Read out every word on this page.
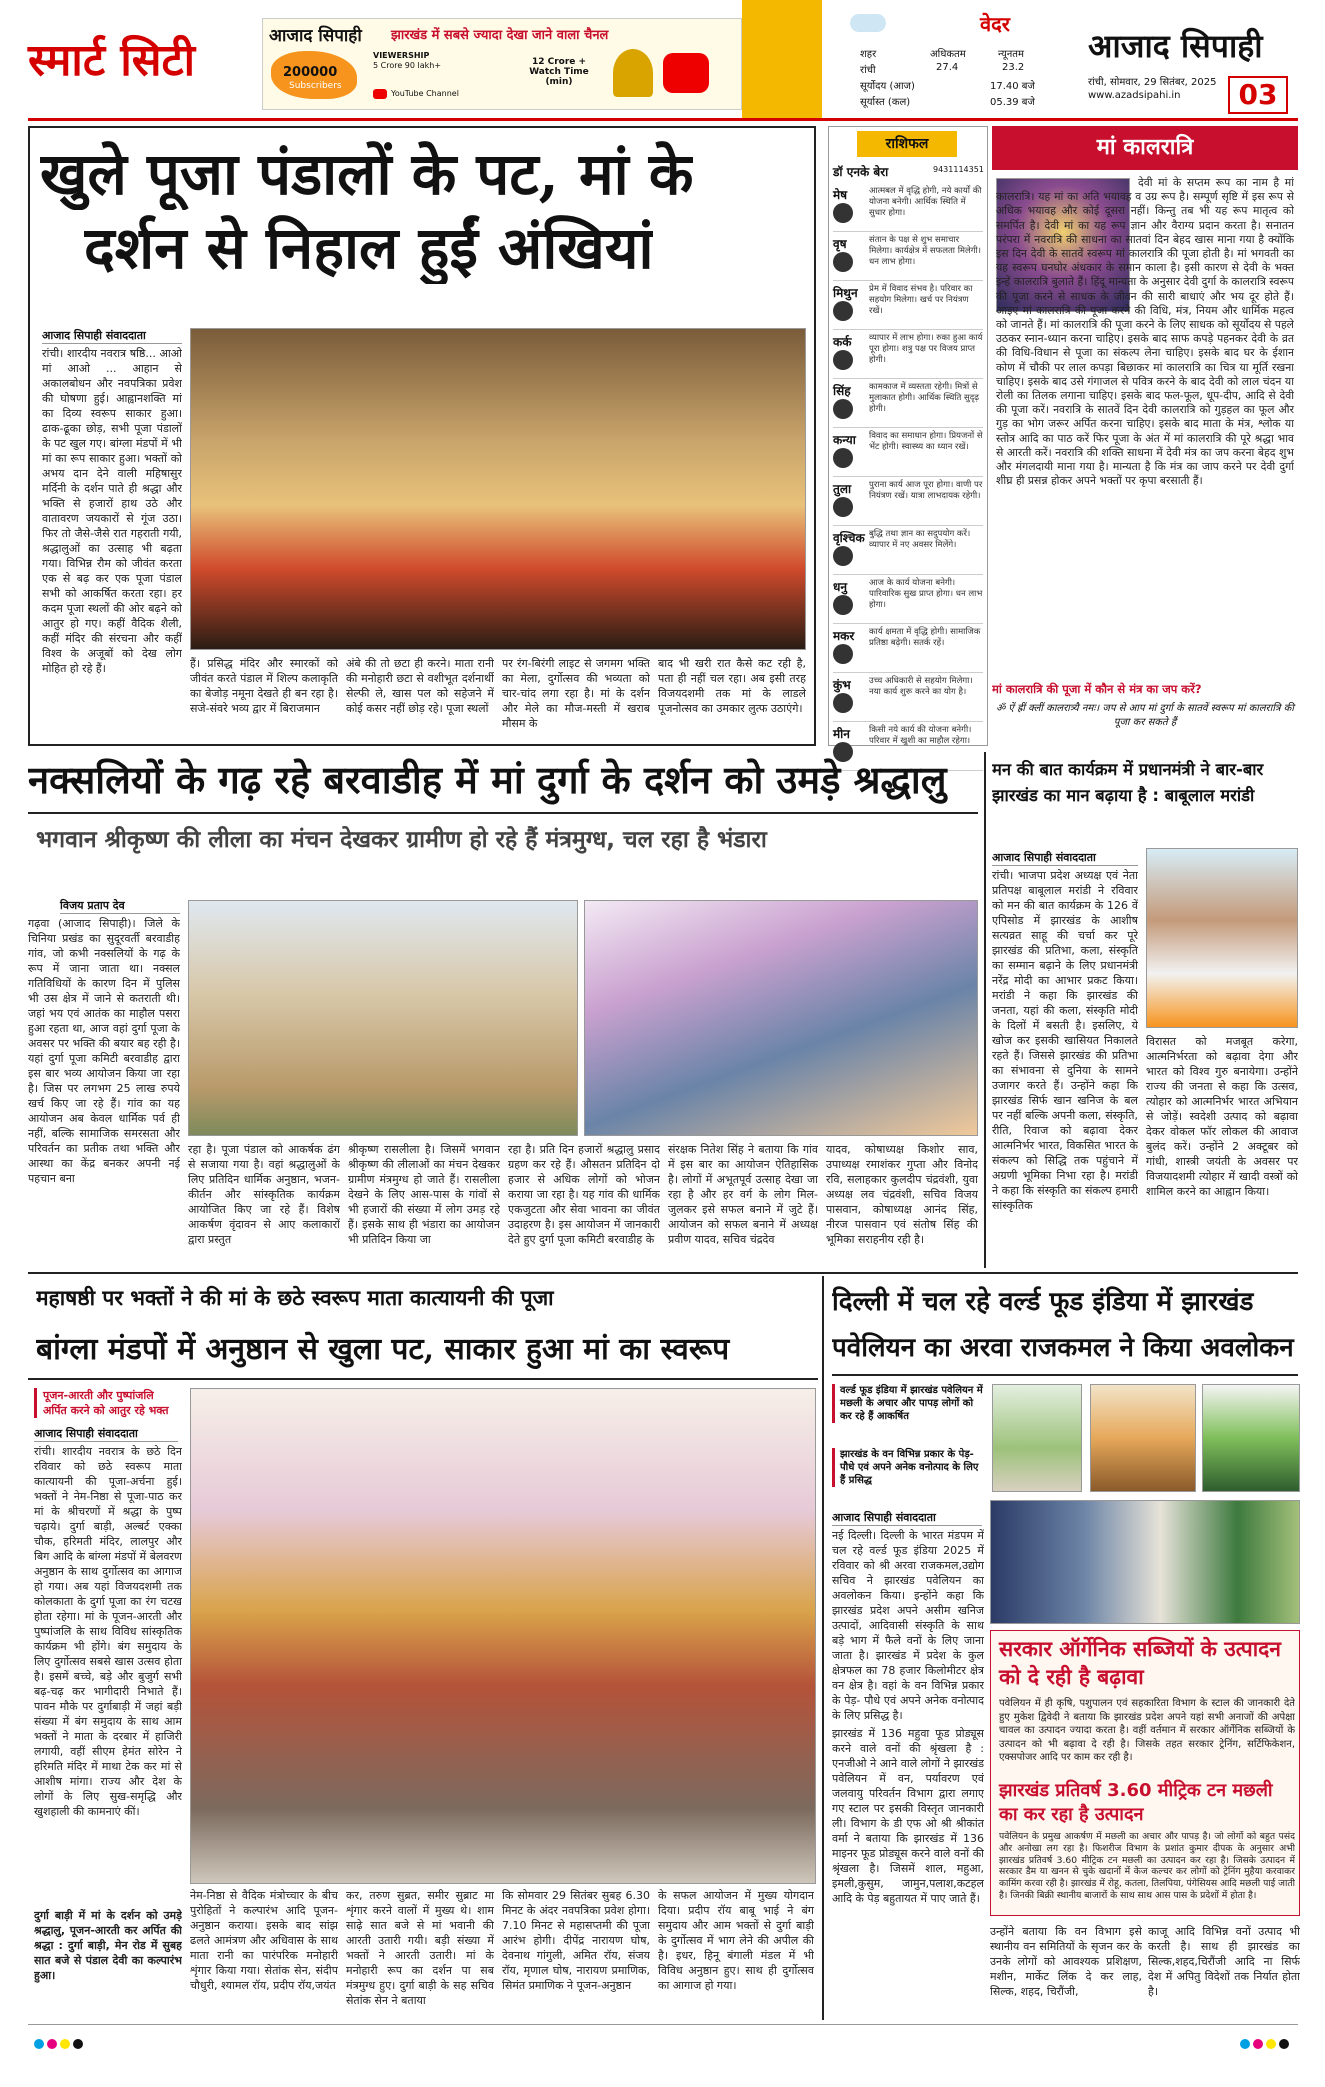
स्मार्ट सिटी	आजाद सिपाही झारखंड में सबसे ज्यादा देखा जाने वाला चैनल
200000
Subscribers
VIEWERSHIP
5 Crore 90 lakh+	12 Crore + Watch Time (min)
YouTube Channel
वेदर
शहर	अधिकतम	न्यूनतम
रांची	27.4	23.2
सूर्योदय (आज)	17.40 बजे
सूर्यास्त (कल)	05.39 बजे
आजाद सिपाही
रांची, सोमवार, 29 सितंबर, 2025
www.azadsipahi.in	03
खुले पूजा पंडालों के पट, मां के
दर्शन से निहाल हुईं अंखियां
आजाद सिपाही संवाददाता
रांची। शारदीय नवरात्र षष्ठि... आओ मां आओ ... आहान से अकालबोधन और नवपत्रिका प्रवेश की घोषणा हुई। आह्वानशक्ति मां का दिव्य स्वरूप साकार हुआ। ढाक-ढूका छोड़, सभी पूजा पंडालों के पट खुल गए। बांग्ला मंडपों में भी मां का रूप साकार हुआ। भक्तों को अभय दान देने वाली महिषासुर मर्दिनी के दर्शन पाते ही श्रद्धा और भक्ति से हजारों हाथ उठे और वातावरण जयकारों से गूंज उठा। फिर तो जैसे-जैसे रात गहराती गयी, श्रद्धालुओं का उत्साह भी बढ़ता गया। विभिन्न रौम को जीवंत करता एक से बढ़ कर एक पूजा पंडाल सभी को आकर्षित करता रहा। हर कदम पूजा स्थलों की ओर बढ़ने को आतुर हो गए। कहीं वैदिक शैली, कहीं मंदिर की संरचना और कहीं विश्व के अजूबों को देख लोग मोहित हो रहे हैं।	हैं। प्रसिद्ध मंदिर और स्मारकों को जीवंत करते पंडाल में शिल्प कलाकृति का बेजोड़ नमूना देखते ही बन रहा है। सजे-संवरे भव्य द्वार में बिराजमान
अंबे की तो छटा ही करने। माता रानी की मनोहारी छटा से वशीभूत दर्शनार्थी सेल्फी ले, खास पल को सहेजने में कोई कसर नहीं छोड़ रहे। पूजा स्थलों
पर रंग-बिरंगी लाइट से जगमग भक्ति का मेला, दुर्गोत्सव की भव्यता को चार-चांद लगा रहा है। मां के दर्शन और मेले का मौज-मस्ती में खराब मौसम के
बाद भी खरी रात कैसे कट रही है, पता ही नहीं चल रहा। अब इसी तरह विजयदशमी तक मां के लाडले पूजनोत्सव का उमकार लुत्फ उठाएंगे।
राशिफल
डॉ एनके बेरा	9431114351
मेष	आत्मबल में वृद्धि होगी, नये कार्यों की योजना बनेगी। आर्थिक स्थिति में सुधार होगा।
वृष	संतान के पक्ष से शुभ समाचार मिलेगा। कार्यक्षेत्र में सफलता मिलेगी। धन लाभ होगा।
मिथुन	प्रेम में विवाद संभव है। परिवार का सहयोग मिलेगा। खर्च पर नियंत्रण रखें।
कर्क	व्यापार में लाभ होगा। रुका हुआ कार्य पूरा होगा। शत्रु पक्ष पर विजय प्राप्त होगी।
सिंह	कामकाज में व्यस्तता रहेगी। मित्रों से मुलाकात होगी। आर्थिक स्थिति सुदृढ़ होगी।
कन्या	विवाद का समाधान होगा। प्रियजनों से भेंट होगी। स्वास्थ्य का ध्यान रखें।
तुला	पुराना कार्य आज पूरा होगा। वाणी पर नियंत्रण रखें। यात्रा लाभदायक रहेगी।
वृश्चिक बुद्धि तथा ज्ञान का सदुपयोग करें। व्यापार में नए अवसर मिलेंगे।
धनु	आज के कार्य योजना बनेगी। पारिवारिक सुख प्राप्त होगा। धन लाभ होगा।
मकर	कार्य क्षमता में वृद्धि होगी। सामाजिक प्रतिष्ठा बढ़ेगी। सतर्क रहें।
कुंभ	उच्च अधिकारी से सहयोग मिलेगा। नया कार्य शुरू करने का योग है।
मीन	किसी नये कार्य की योजना बनेगी। परिवार में खुशी का माहौल रहेगा।
मां कालरात्रि
देवी मां के सप्तम रूप का नाम है मां कालरात्रि। यह मां का अति भयावह व उग्र रूप है। सम्पूर्ण सृष्टि में इस रूप से अधिक भयावह और कोई दूसरा नहीं। किन्तु तब भी यह रूप मातृत्व को समर्पित है। देवी मां का यह रूप ज्ञान और वैराग्य प्रदान करता है। सनातन परंपरा में नवरात्रि की साधना का सातवां दिन बेहद खास माना गया है क्योंकि इस दिन देवी के सातवें स्वरूप मां कालरात्रि की पूजा होती है। मां भगवती का यह स्वरूप घनघोर अंधकार के समान काला है। इसी कारण से देवी के भक्त इन्हें कालरात्रि बुलाते हैं। हिंदू मान्यता के अनुसार देवी दुर्गा के कालरात्रि स्वरूप की पूजा करने से साधक के जीवन की सारी बाधाएं और भय दूर होते हैं। आइए मां कालरात्रि की पूजा करने की विधि, मंत्र, नियम और धार्मिक महत्व को जानते हैं। मां कालरात्रि की पूजा करने के लिए साधक को सूर्योदय से पहले उठकर स्नान-ध्यान करना चाहिए। इसके बाद साफ कपड़े पहनकर देवी के व्रत की विधि-विधान से पूजा का संकल्प लेना चाहिए। इसके बाद घर के ईशान कोण में चौकी पर लाल कपड़ा बिछाकर मां कालरात्रि का चित्र या मूर्ति रखना चाहिए। इसके बाद उसे गंगाजल से पवित्र करने के बाद देवी को लाल चंदन या रोली का तिलक लगाना चाहिए। इसके बाद फल-फूल, धूप-दीप, आदि से देवी की पूजा करें। नवरात्रि के सातवें दिन देवी कालरात्रि को गुड़हल का फूल और गुड़ का भोग जरूर अर्पित करना चाहिए। इसके बाद माता के मंत्र, श्लोक या स्तोत्र आदि का पाठ करें फिर पूजा के अंत में मां कालरात्रि की पूरे श्रद्धा भाव से आरती करें। नवरात्रि की शक्ति साधना में देवी मंत्र का जप करना बेहद शुभ और मंगलदायी माना गया है। मान्यता है कि मंत्र का जाप करने पर देवी दुर्गा शीघ्र ही प्रसन्न होकर अपने भक्तों पर कृपा बरसाती हैं।
मां कालरात्रि की पूजा में कौन से मंत्र का जप करें?
ॐ ऐं ह्रीं क्लीं कालरात्र्यै नमः। जप से आप मां दुर्गा के सातवें स्वरूप मां कालरात्रि की पूजा कर सकते हैं
नक्सलियों के गढ़ रहे बरवाडीह में मां दुर्गा के दर्शन को उमड़े श्रद्धालु
भगवान श्रीकृष्ण की लीला का मंचन देखकर ग्रामीण हो रहे हैं मंत्रमुग्ध, चल रहा है भंडारा
विजय प्रताप देव
गढ़वा (आजाद सिपाही)। जिले के चिनिया प्रखंड का सुदूरवर्ती बरवाडीह गांव, जो कभी नक्सलियों के गढ़ के रूप में जाना जाता था। नक्सल गतिविधियों के कारण दिन में पुलिस भी उस क्षेत्र में जाने से कतराती थी। जहां भय एवं आतंक का माहौल पसरा हुआ रहता था, आज वहां दुर्गा पूजा के अवसर पर भक्ति की बयार बह रही है। यहां दुर्गा पूजा कमिटी बरवाडीह द्वारा इस बार भव्य आयोजन किया जा रहा है। जिस पर लगभग 25 लाख रुपये खर्च किए जा रहे हैं। गांव का यह आयोजन अब केवल धार्मिक पर्व ही नहीं, बल्कि सामाजिक समरसता और परिवर्तन का प्रतीक तथा भक्ति और आस्था का केंद्र बनकर अपनी नई पहचान बना
रहा है। पूजा पंडाल को आकर्षक ढंग से सजाया गया है। वहां श्रद्धालुओं के लिए प्रतिदिन धार्मिक अनुष्ठान, भजन-कीर्तन और सांस्कृतिक कार्यक्रम आयोजित किए जा रहे हैं। विशेष आकर्षण वृंदावन से आए कलाकारों द्वारा प्रस्तुत
श्रीकृष्ण रासलीला है। जिसमें भगवान श्रीकृष्ण की लीलाओं का मंचन देखकर ग्रामीण मंत्रमुग्ध हो जाते हैं। रासलीला देखने के लिए आस-पास के गांवों से भी हजारों की संख्या में लोग उमड़ रहे हैं। इसके साथ ही भंडारा का आयोजन भी प्रतिदिन किया जा
रहा है। प्रति दिन हजारों श्रद्धालु प्रसाद ग्रहण कर रहे हैं। औसतन प्रतिदिन दो हजार से अधिक लोगों को भोजन कराया जा रहा है। यह गांव की धार्मिक एकजुटता और सेवा भावना का जीवंत उदाहरण है। इस आयोजन में जानकारी देते हुए दुर्गा पूजा कमिटी बरवाडीह के
संरक्षक नितेश सिंह ने बताया कि गांव में इस बार का आयोजन ऐतिहासिक है। लोगों में अभूतपूर्व उत्साह देखा जा रहा है और हर वर्ग के लोग मिल-जुलकर इसे सफल बनाने में जुटे हैं। आयोजन को सफल बनाने में अध्यक्ष प्रवीण यादव, सचिव चंद्रदेव
यादव, कोषाध्यक्ष किशोर साव, उपाध्यक्ष रमाशंकर गुप्ता और विनोद रवि, सलाहकार कुलदीप चंद्रवंशी, युवा अध्यक्ष लव चंद्रवंशी, सचिव विजय पासवान, कोषाध्यक्ष आनंद सिंह, नीरज पासवान एवं संतोष सिंह की भूमिका सराहनीय रही है।
मन की बात कार्यक्रम में प्रधानमंत्री ने बार-बार
झारखंड का मान बढ़ाया है : बाबूलाल मरांडी
आजाद सिपाही संवाददाता
रांची। भाजपा प्रदेश अध्यक्ष एवं नेता प्रतिपक्ष बाबूलाल मरांडी ने रविवार को मन की बात कार्यक्रम के 126 वें एपिसोड में झारखंड के आशीष सत्यव्रत साहू की चर्चा कर पूरे झारखंड की प्रतिभा, कला, संस्कृति का सम्मान बढ़ाने के लिए प्रधानमंत्री नरेंद्र मोदी का आभार प्रकट किया। मरांडी ने कहा कि झारखंड की जनता, यहां की कला, संस्कृति मोदी के दिलों में बसती है। इसलिए, ये खोज कर इसकी खासियत निकालते रहते हैं। जिससे झारखंड की प्रतिभा का संभावना से दुनिया के सामने उजागर करते हैं। उन्होंने कहा कि झारखंड सिर्फ खान खनिज के बल पर नहीं बल्कि अपनी कला, संस्कृति, रीति, रिवाज को बढ़ावा देकर आत्मनिर्भर भारत, विकसित भारत के संकल्प को सिद्धि तक पहुंचाने में अग्रणी भूमिका निभा रहा है। मरांडी ने कहा कि संस्कृति का संकल्प हमारी सांस्कृतिक
विरासत को मजबूत करेगा, आत्मनिर्भरता को बढ़ावा देगा और भारत को विश्व गुरु बनायेगा। उन्होंने राज्य की जनता से कहा कि उत्सव, त्योहार को आत्मनिर्भर भारत अभियान से जोड़ें। स्वदेशी उत्पाद को बढ़ावा देकर वोकल फॉर लोकल की आवाज बुलंद करें। उन्होंने 2 अक्टूबर को गांधी, शास्त्री जयंती के अवसर पर विजयादशमी त्योहार में खादी वस्त्रों को शामिल करने का आह्वान किया।
महाषष्ठी पर भक्तों ने की मां के छठे स्वरूप माता कात्यायनी की पूजा
बांग्ला मंडपों में अनुष्ठान से खुला पट, साकार हुआ मां का स्वरूप
पूजन-आरती और पुष्पांजलि अर्पित करने को आतुर रहे भक्त
आजाद सिपाही संवाददाता
रांची। शारदीय नवरात्र के छठे दिन रविवार को छठे स्वरूप माता कात्यायनी की पूजा-अर्चना हुई। भक्तों ने नेम-निष्ठा से पूजा-पाठ कर मां के श्रीचरणों में श्रद्धा के पुष्प चढ़ाये। दुर्गा बाड़ी, अल्बर्ट एक्का चौक, हरिमती मंदिर, लालपुर और बिग आदि के बांग्ला मंडपों में बेलवरण अनुष्ठान के साथ दुर्गोत्सव का आगाज हो गया। अब यहां विजयदशमी तक कोलकाता के दुर्गा पूजा का रंग चटख होता रहेगा। मां के पूजन-आरती और पुष्पांजलि के साथ विविध सांस्कृतिक कार्यक्रम भी होंगे। बंग समुदाय के लिए दुर्गोत्सव सबसे खास उत्सव होता है। इसमें बच्चे, बड़े और बुजुर्ग सभी बढ़-चढ़ कर भागीदारी निभाते हैं। पावन मौके पर दुर्गाबाड़ी में जहां बड़ी संख्या में बंग समुदाय के साथ आम भक्तों ने माता के दरबार में हाजिरी लगायी, वहीं सीएम हेमंत सोरेन ने हरिमति मंदिर में माथा टेक कर मां से आशीष मांगा। राज्य और देश के लोगों के लिए सुख-समृद्धि और खुशहाली की कामनाएं कीं।
दुर्गा बाड़ी में मां के दर्शन को उमड़े श्रद्धालु, पूजन-आरती कर अर्पित की श्रद्धा : दुर्गा बाड़ी, मेन रोड में सुबह सात बजे से पंडाल देवी का कल्पारंभ हुआ।
नेम-निष्ठा से वैदिक मंत्रोच्चार के बीच पुरोहितों ने कल्पारंभ आदि पूजन-अनुष्ठान कराया। इसके बाद सांझ ढलते आमंत्रण और अधिवास के साथ माता रानी का पारंपरिक मनोहारी शृंगार किया गया। सेतांक सेन, संदीप चौधुरी, श्यामल रॉय, प्रदीप रॉय,जयंत
कर, तरुण सुब्रत, समीर सुब्राट मा शृंगार करने वालों में मुख्य थे। शाम साढ़े सात बजे से मां भवानी की आरती उतारी गयी। बड़ी संख्या में भक्तों ने आरती उतारी। मां के मनोहारी रूप का दर्शन पा सब मंत्रमुग्ध हुए। दुर्गा बाड़ी के सह सचिव सेतांक सेन ने बताया
कि सोमवार 29 सितंबर सुबह 6.30 मिनट के अंदर नवपत्रिका प्रवेश होगा। 7.10 मिनट से महासप्तमी की पूजा आरंभ होगी। दीपेंद्र नारायण घोष, देवनाथ गांगुली, अमित रॉय, संजय रॉय, मृणाल घोष, नारायण प्रमाणिक, सिमंत प्रमाणिक ने पूजन-अनुष्ठान
के सफल आयोजन में मुख्य योगदान दिया। प्रदीप रॉय बाबू भाई ने बंग समुदाय और आम भक्तों से दुर्गा बाड़ी के दुर्गोत्सव में भाग लेने की अपील की है। इधर, हिनू बंगाली मंडल में भी विविध अनुष्ठान हुए। साथ ही दुर्गोत्सव का आगाज हो गया।
दिल्ली में चल रहे वर्ल्ड फूड इंडिया में झारखंड
पवेलियन का अरवा राजकमल ने किया अवलोकन
वर्ल्ड फूड इंडिया में झारखंड पवेलियन में मछली के अचार और पापड़ लोगों को कर रहे हैं आकर्षित
झारखंड के वन विभिन्न प्रकार के पेड़- पौधे एवं अपने अनेक वनोत्पाद के लिए हैं प्रसिद्ध
आजाद सिपाही संवाददाता
नई दिल्ली। दिल्ली के भारत मंडपम में चल रहे वर्ल्ड फूड इंडिया 2025 में रविवार को श्री अरवा राजकमल,उद्योग सचिव ने झारखंड पवेलियन का अवलोकन किया। इन्होंने कहा कि झारखंड प्रदेश अपने असीम खनिज उत्पादों, आदिवासी संस्कृति के साथ बड़े भाग में फैले वनों के लिए जाना जाता है। झारखंड में प्रदेश के कुल क्षेत्रफल का 78 हजार किलोमीटर क्षेत्र वन क्षेत्र है। वहां के वन विभिन्न प्रकार के पेड़- पौधे एवं अपने अनेक वनोत्पाद के लिए प्रसिद्ध है।
झारखंड में 136 महुवा फूड प्रोड्यूस करने वाले वनों की श्रृंखला है : एनजीओ ने आने वाले लोगों ने झारखंड पवेलियन में वन, पर्यावरण एवं जलवायु परिवर्तन विभाग द्वारा लगाए गए स्टाल पर इसकी विस्तृत जानकारी ली। विभाग के डी एफ ओ श्री श्रीकांत वर्मा ने बताया कि झारखंड में 136 माइनर फूड प्रोड्यूस करने वाले वनों की श्रृंखला है। जिसमें शाल, महुआ, इमली,कुसुम, जामुन,पलाश,कटहल आदि के पेड़ बहुतायत में पाए जाते हैं।
सरकार ऑर्गेनिक सब्जियों के उत्पादन को दे रही है बढ़ावा
पवेलियन में ही कृषि, पशुपालन एवं सहकारिता विभाग के स्टाल की जानकारी देते हुए मुकेश द्विवेदी ने बताया कि झारखंड प्रदेश अपने यहां सभी अनाजों की अपेक्षा चावल का उत्पादन ज्यादा करता है। वहीं वर्तमान में सरकार ऑर्गेनिक सब्जियों के उत्पादन को भी बढ़ावा दे रही है। जिसके तहत सरकार ट्रेनिंग, सर्टिफिकेशन, एक्सपोजर आदि पर काम कर रही है।
झारखंड प्रतिवर्ष 3.60 मीट्रिक टन मछली का कर रहा है उत्पादन
पवेलियन के प्रमुख आकर्षण में मछली का अचार और पापड़ है। जो लोगों को बहुत पसंद और अनोखा लग रहा है। फिशरीज विभाग के प्रशांत कुमार दीपक के अनुसार अभी झारखंड प्रतिवर्ष 3.60 मीट्रिक टन मछली का उत्पादन कर रहा है। जिसके उत्पादन में सरकार डैम या खनन से चुके खदानों में केज कल्चर कर लोगों को ट्रेनिंग मुहैया करवाकर कामिंग करवा रही है। झारखंड में रोहू, कतला, तिलपिया, पंगेसियस आदि मछली पाई जाती है। जिनकी बिक्री स्थानीय बाजारों के साथ साथ आस पास के प्रदेशों में होता है।
उन्होंने बताया कि वन विभाग इसे स्थानीय वन समितियों के सृजन कर के उनके लोगों को आवश्यक प्रशिक्षण, मशीन, मार्केट लिंक दे कर लाह, सिल्क, शहद, चिरौंजी,
काजू आदि विभिन्न वनों उत्पाद भी करती है। साथ ही झारखंड का सिल्क,शहद,चिरौंजी आदि ना सिर्फ देश में अपितु विदेशों तक निर्यात होता है।
